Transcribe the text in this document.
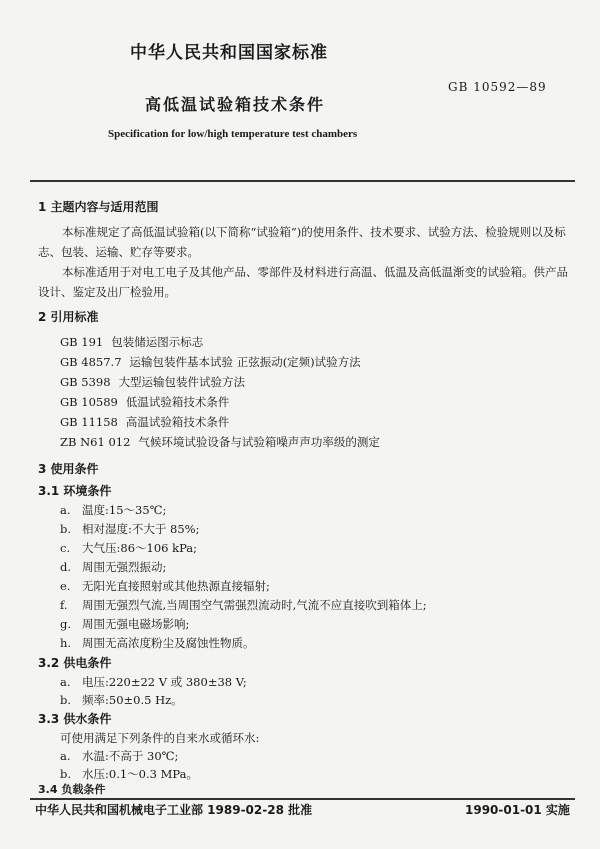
中华人民共和国国家标准
GB 10592—89
高低温试验箱技术条件
Specification for low/high temperature test chambers
1 主题内容与适用范围
本标准规定了高低温试验箱(以下简称“试验箱”)的使用条件、技术要求、试验方法、检验规则以及标志、包装、运输、贮存等要求。
本标准适用于对电工电子及其他产品、零部件及材料进行高温、低温及高低温渐变的试验箱。供产品设计、鉴定及出厂检验用。
2 引用标准
GB 191 包装储运图示标志
GB 4857.7 运输包装件基本试验 正弦振动(定频)试验方法
GB 5398 大型运输包装件试验方法
GB 10589 低温试验箱技术条件
GB 11158 高温试验箱技术条件
ZB N61 012 气候环境试验设备与试验箱噪声声功率级的测定
3 使用条件
3.1 环境条件
a. 温度:15～35℃;
b. 相对湿度:不大于 85%;
c. 大气压:86～106 kPa;
d. 周围无强烈振动;
e. 无阳光直接照射或其他热源直接辐射;
f. 周围无强烈气流,当周围空气需强烈流动时,气流不应直接吹到箱体上;
g. 周围无强电磁场影响;
h. 周围无高浓度粉尘及腐蚀性物质。
3.2 供电条件
a. 电压:220±22 V 或 380±38 V;
b. 频率:50±0.5 Hz。
3.3 供水条件
可使用满足下列条件的自来水或循环水:
a. 水温:不高于 30℃;
b. 水压:0.1～0.3 MPa。
中华人民共和国机械电子工业部 1989-02-28 批准	1990-01-01 实施
3.4 负载条件
